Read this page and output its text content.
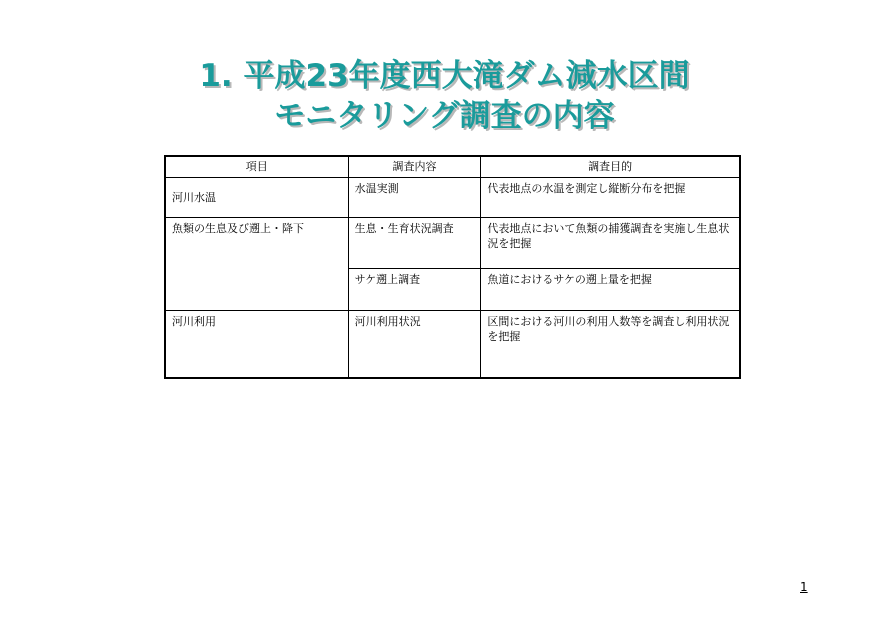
1. 平成23年度西大滝ダム減水区間
モニタリング調査の内容
項目	調査内容	調査目的
河川水温	水温実測	代表地点の水温を測定し縦断分布を把握
魚類の生息及び遡上・降下	生息・生育状況調査	代表地点において魚類の捕獲調査を実施し生息状況を把握
	サケ遡上調査	魚道におけるサケの遡上量を把握
河川利用	河川利用状況	区間における河川の利用人数等を調査し利用状況を把握
1
